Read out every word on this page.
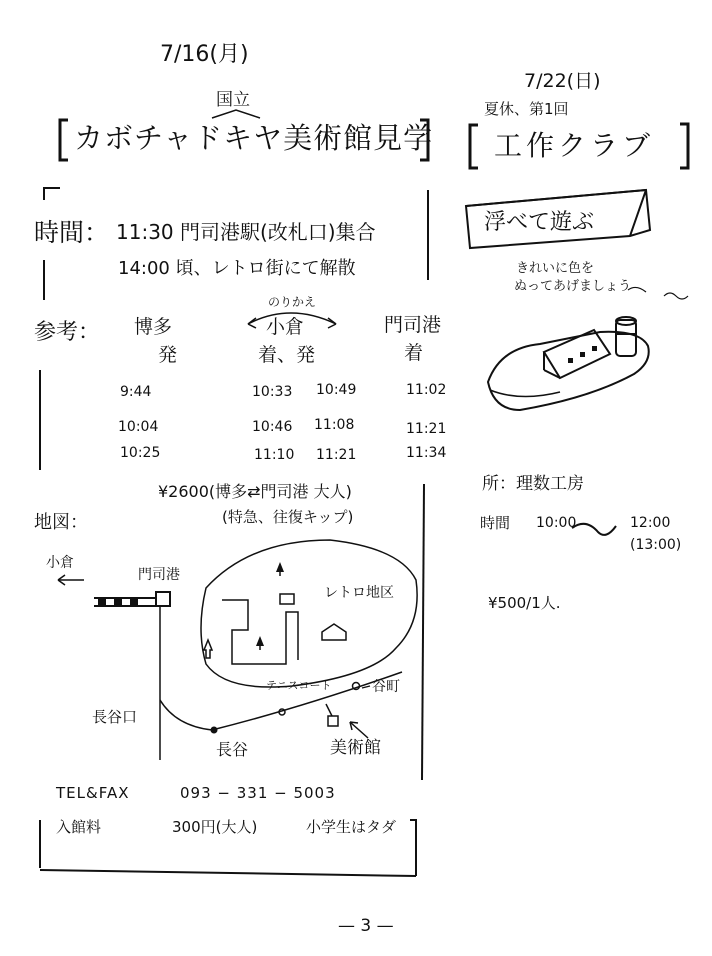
7/16(月)
国立
カボチャドキヤ美術館見学
時間： 11:30 門司港駅(改札口)集合
14:00 頃、レトロ街にて解散
参考：
のりかえ
博多
発
小倉
着、発
門司港
着
9:44	10:33 10:49	11:02
10:04	10:46 11:08	11:21
10:25	11:10 11:21	11:34
¥2600(博多⇄門司港 大人)
(特急、往復キップ)
地図：
小倉
門司港
レトロ地区
テニスコート	谷町
長谷口
長谷	美術館
TEL&FAX	093 − 331 − 5003
入館料	300円(大人)	小学生はタダ
7/22(日)
夏休、第1回
工作クラブ
浮べて遊ぶ
きれいに色を
ぬってあげましょう
所：理数工房
時間 10:00	12:00
(13:00)
¥500/1人.
— 3 —
